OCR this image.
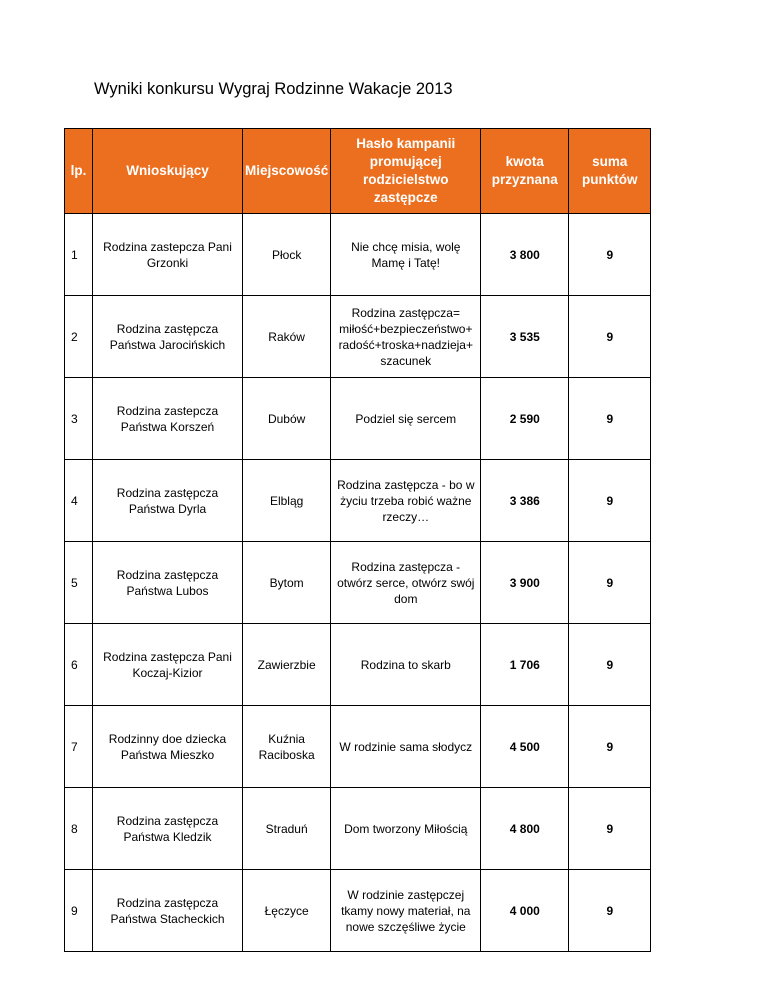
Wyniki konkursu Wygraj Rodzinne Wakacje 2013
lp.	Wnioskujący	Miejscowość	Hasło kampanii promującej rodzicielstwo zastępcze	kwota przyznana	suma punktów
1	Rodzina zastepcza Pani Grzonki	Płock	Nie chcę misia, wolę Mamę i Tatę!	3 800	9
2	Rodzina zastępcza Państwa Jarocińskich	Raków	Rodzina zastępcza= miłość+bezpieczeństwo+ radość+troska+nadzieja+ szacunek	3 535	9
3	Rodzina zastepcza Państwa Korszeń	Dubów	Podziel się sercem	2 590	9
4	Rodzina zastępcza Państwa Dyrla	Elbląg	Rodzina zastępcza - bo w życiu trzeba robić ważne rzeczy…	3 386	9
5	Rodzina zastępcza Państwa Lubos	Bytom	Rodzina zastępcza - otwórz serce, otwórz swój dom	3 900	9
6	Rodzina zastępcza Pani Koczaj-Kizior	Zawierzbie	Rodzina to skarb	1 706	9
7	Rodzinny doe dziecka Państwa Mieszko	Kuźnia Raciboska	W rodzinie sama słodycz	4 500	9
8	Rodzina zastępcza Państwa Kledzik	Straduń	Dom tworzony Miłością	4 800	9
9	Rodzina zastępcza Państwa Stacheckich	Łęczyce	W rodzinie zastępczej tkamy nowy materiał, na nowe szczęśliwe życie	4 000	9
